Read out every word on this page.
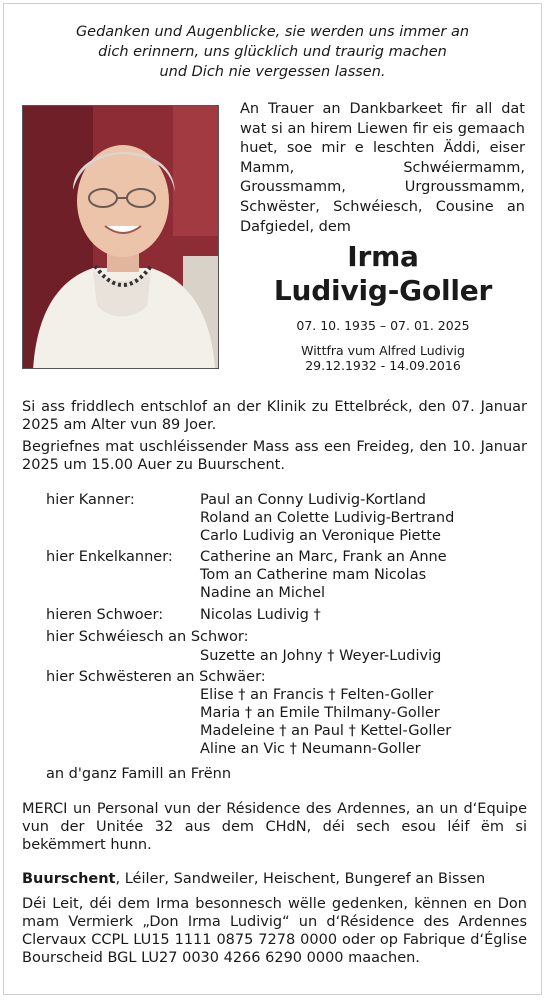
Gedanken und Augenblicke, sie werden uns immer an
dich erinnern, uns glücklich und traurig machen
und Dich nie vergessen lassen.
An Trauer an Dankbarkeet fir all dat wat si an hirem Liewen fir eis gemaach huet, soe mir e leschten Äddi, eiser Mamm, Schwéiermamm, Groussmamm, Urgroussmamm, Schwëster, Schwéiesch, Cousine an Dafgiedel, dem
Irma
Ludivig-Goller
07. 10. 1935 – 07. 01. 2025
Wittfra vum Alfred Ludivig
29.12.1932 - 14.09.2016
Si ass friddlech entschlof an der Klinik zu Ettelbréck, den 07. Januar 2025 am Alter vun 89 Joer.
Begriefnes mat uschléissender Mass ass een Freideg, den 10. Januar 2025 um 15.00 Auer zu Buurschent.
hier Kanner:	Paul an Conny Ludivig-Kortland
Roland an Colette Ludivig-Bertrand
Carlo Ludivig an Veronique Piette
hier Enkelkanner: Catherine an Marc, Frank an Anne
Tom an Catherine mam Nicolas
Nadine an Michel
hieren Schwoer:	Nicolas Ludivig †
hier Schwéiesch an Schwor:
Suzette an Johny † Weyer-Ludivig
hier Schwësteren an Schwäer:
Elise † an Francis † Felten-Goller
Maria † an Emile Thilmany-Goller
Madeleine † an Paul † Kettel-Goller
Aline an Vic † Neumann-Goller
an d'ganz Famill an Frënn
MERCI un Personal vun der Résidence des Ardennes, an un d‘Equipe vun der Unitée 32 aus dem CHdN, déi sech esou léif ëm si bekëmmert hunn.
Buurschent, Léiler, Sandweiler, Heischent, Bungeref an Bissen
Déi Leit, déi dem Irma besonnesch wëlle gedenken, kënnen en Don mam Vermierk „Don Irma Ludivig“ un d‘Résidence des Ardennes Clervaux CCPL LU15 1111 0875 7278 0000 oder op Fabrique d‘Église Bourscheid BGL LU27 0030 4266 6290 0000 maachen.
